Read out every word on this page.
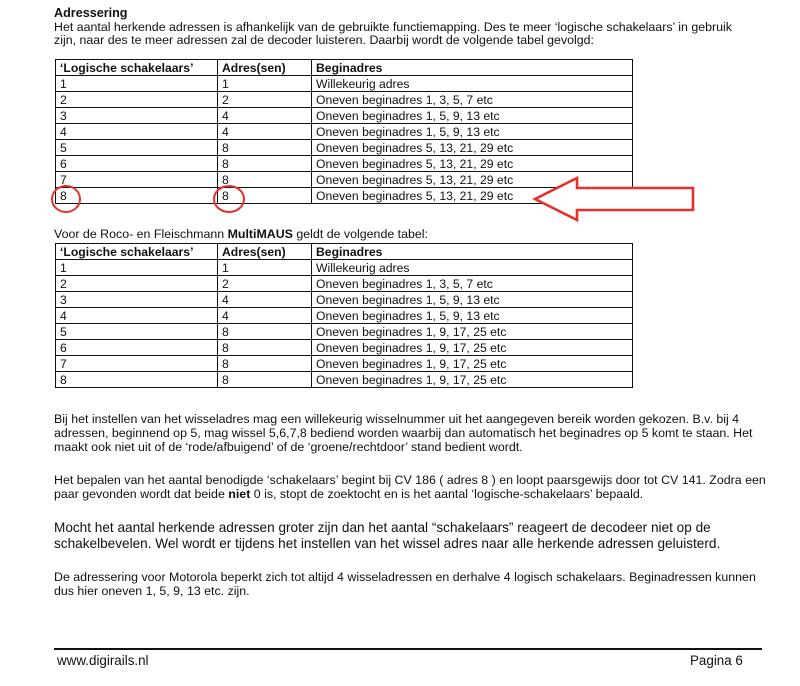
Adressering
Het aantal herkende adressen is afhankelijk van de gebruikte functiemapping. Des te meer ‘logische schakelaars’ in gebruik zijn, naar des te meer adressen zal de decoder luisteren. Daarbij wordt de volgende tabel gevolgd:
‘Logische schakelaars’	Adres(sen)	Beginadres
1	1	Willekeurig adres
2	2	Oneven beginadres 1, 3, 5, 7 etc
3	4	Oneven beginadres 1, 5, 9, 13 etc
4	4	Oneven beginadres 1, 5, 9, 13 etc
5	8	Oneven beginadres 5, 13, 21, 29 etc
6	8	Oneven beginadres 5, 13, 21, 29 etc
7	8	Oneven beginadres 5, 13, 21, 29 etc
8	8	Oneven beginadres 5, 13, 21, 29 etc
Voor de Roco- en Fleischmann MultiMAUS geldt de volgende tabel:
‘Logische schakelaars’	Adres(sen)	Beginadres
1	1	Willekeurig adres
2	2	Oneven beginadres 1, 3, 5, 7 etc
3	4	Oneven beginadres 1, 5, 9, 13 etc
4	4	Oneven beginadres 1, 5, 9, 13 etc
5	8	Oneven beginadres 1, 9, 17, 25 etc
6	8	Oneven beginadres 1, 9, 17, 25 etc
7	8	Oneven beginadres 1, 9, 17, 25 etc
8	8	Oneven beginadres 1, 9, 17, 25 etc
Bij het instellen van het wisseladres mag een willekeurig wisselnummer uit het aangegeven bereik worden gekozen. B.v. bij 4 adressen, beginnend op 5, mag wissel 5,6,7,8 bediend worden waarbij dan automatisch het beginadres op 5 komt te staan. Het maakt ook niet uit of de ‘rode/afbuigend’ of de ‘groene/rechtdoor’ stand bedient wordt.
Het bepalen van het aantal benodigde ‘schakelaars’ begint bij CV 186 ( adres 8 ) en loopt paarsgewijs door tot CV 141. Zodra een paar gevonden wordt dat beide niet 0 is, stopt de zoektocht en is het aantal ‘logische-schakelaars’ bepaald.
Mocht het aantal herkende adressen groter zijn dan het aantal “schakelaars” reageert de decodeer niet op de schakelbevelen. Wel wordt er tijdens het instellen van het wissel adres naar alle herkende adressen geluisterd.
De adressering voor Motorola beperkt zich tot altijd 4 wisseladressen en derhalve 4 logisch schakelaars. Beginadressen kunnen dus hier oneven 1, 5, 9, 13 etc. zijn.
www.digirails.nl	Pagina 6
